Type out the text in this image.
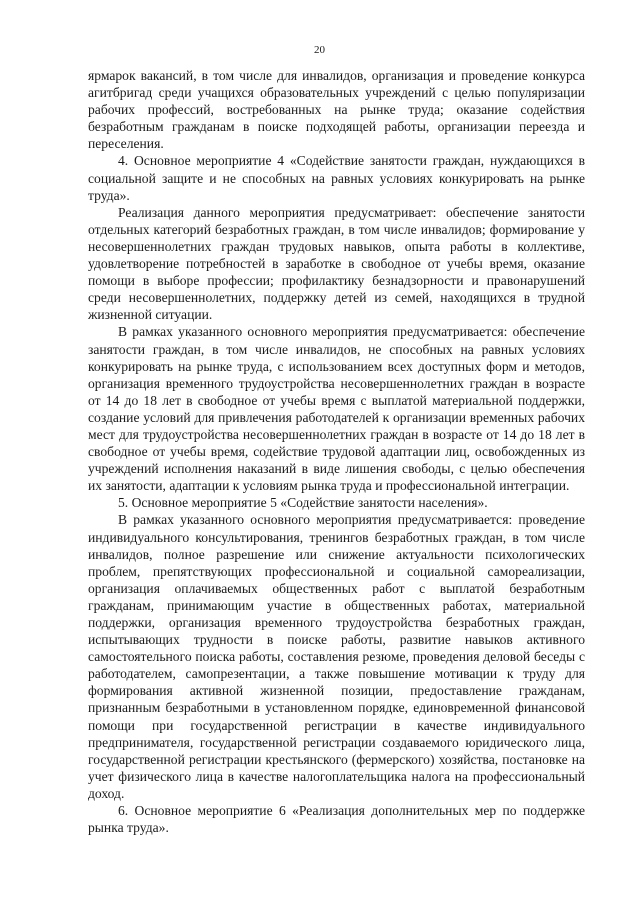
20

ярмарок вакансий, в том числе для инвалидов, организация и проведение конкурса агитбригад среди учащихся образовательных учреждений с целью популяризации рабочих профессий, востребованных на рынке труда; оказание содействия безработным гражданам в поиске подходящей работы, организации переезда и переселения.

4. Основное мероприятие 4 «Содействие занятости граждан, нуждающихся в социальной защите и не способных на равных условиях конкурировать на рынке труда».

Реализация данного мероприятия предусматривает: обеспечение занятости отдельных категорий безработных граждан, в том числе инвалидов; формирование у несовершеннолетних граждан трудовых навыков, опыта работы в коллективе, удовлетворение потребностей в заработке в свободное от учебы время, оказание помощи в выборе профессии; профилактику безнадзорности и правонарушений среди несовершеннолетних, поддержку детей из семей, находящихся в трудной жизненной ситуации.

В рамках указанного основного мероприятия предусматривается: обеспечение занятости граждан, в том числе инвалидов, не способных на равных условиях конкурировать на рынке труда, с использованием всех доступных форм и методов, организация временного трудоустройства несовершеннолетних граждан в возрасте от 14 до 18 лет в свободное от учебы время с выплатой материальной поддержки, создание условий для привлечения работодателей к организации временных рабочих мест для трудоустройства несовершеннолетних граждан в возрасте от 14 до 18 лет в свободное от учебы время, содействие трудовой адаптации лиц, освобожденных из учреждений исполнения наказаний в виде лишения свободы, с целью обеспечения их занятости, адаптации к условиям рынка труда и профессиональной интеграции.

5. Основное мероприятие 5 «Содействие занятости населения».

В рамках указанного основного мероприятия предусматривается: проведение индивидуального консультирования, тренингов безработных граждан, в том числе инвалидов, полное разрешение или снижение актуальности психологических проблем, препятствующих профессиональной и социальной самореализации, организация оплачиваемых общественных работ с выплатой безработным гражданам, принимающим участие в общественных работах, материальной поддержки, организация временного трудоустройства безработных граждан, испытывающих трудности в поиске работы, развитие навыков активного самостоятельного поиска работы, составления резюме, проведения деловой беседы с работодателем, самопрезентации, а также повышение мотивации к труду для формирования активной жизненной позиции, предоставление гражданам, признанным безработными в установленном порядке, единовременной финансовой помощи при государственной регистрации в качестве индивидуального предпринимателя, государственной регистрации создаваемого юридического лица, государственной регистрации крестьянского (фермерского) хозяйства, постановке на учет физического лица в качестве налогоплательщика налога на профессиональный доход.

6. Основное мероприятие 6 «Реализация дополнительных мер по поддержке рынка труда».
